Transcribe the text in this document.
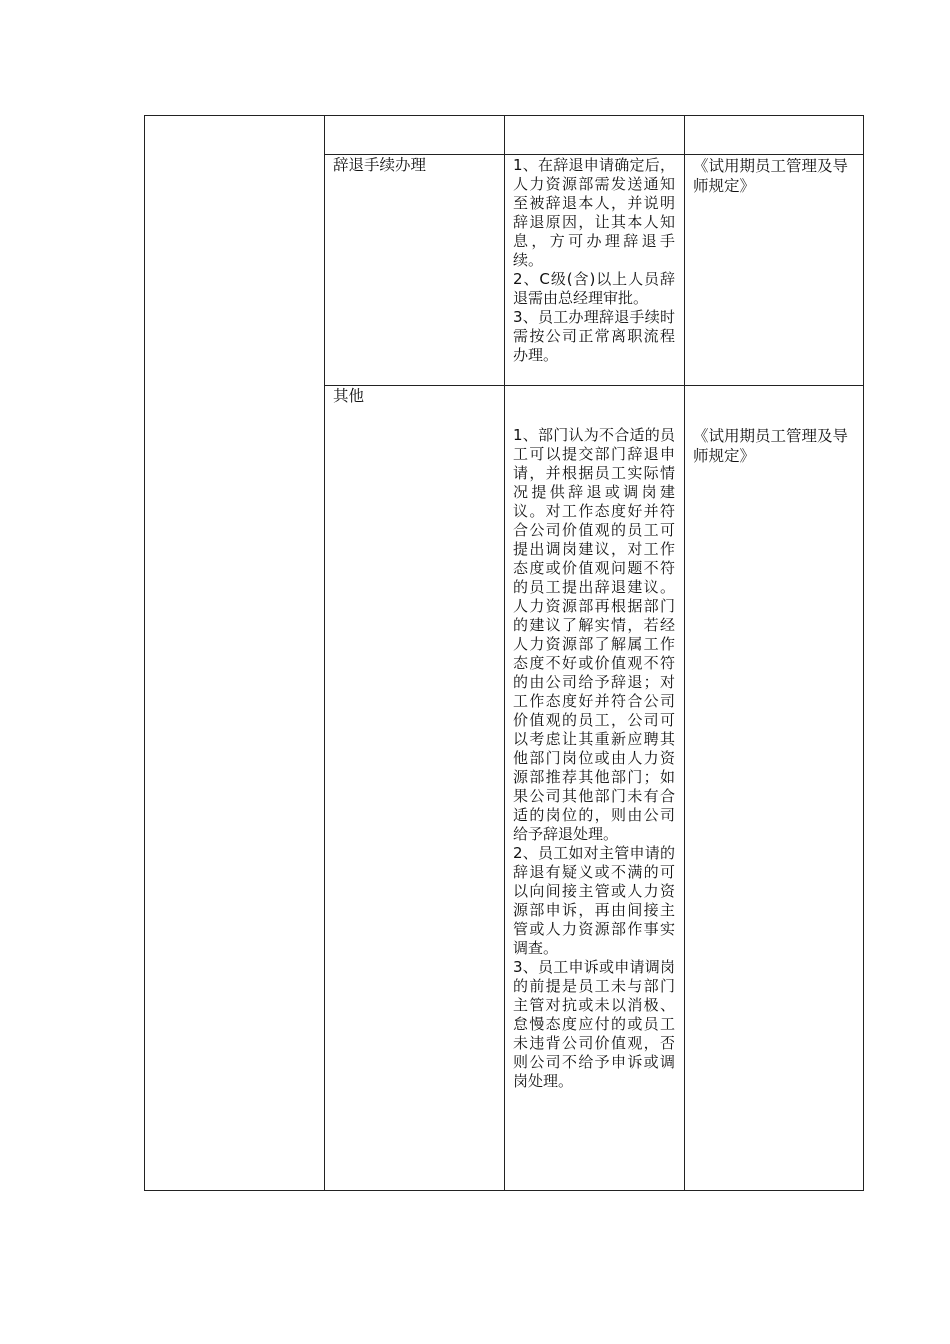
辞退手续办理	1、在辞退申请确定后，人力资源部需发送通知至被辞退本人，并说明辞退原因，让其本人知息，方可办理辞退手续。

2、C级(含)以上人员辞退需由总经理审批。

3、员工办理辞退手续时需按公司正常离职流程办理。

《试用期员工管理及导师规定》
其他

1、部门认为不合适的员工可以提交部门辞退申请，并根据员工实际情况提供辞退或调岗建议。对工作态度好并符合公司价值观的员工可提出调岗建议，对工作态度或价值观问题不符的员工提出辞退建议。人力资源部再根据部门的建议了解实情，若经人力资源部了解属工作态度不好或价值观不符的由公司给予辞退；对工作态度好并符合公司价值观的员工，公司可以考虑让其重新应聘其他部门岗位或由人力资源部推荐其他部门；如果公司其他部门未有合适的岗位的，则由公司给予辞退处理。

2、员工如对主管申请的辞退有疑义或不满的可以向间接主管或人力资源部申诉，再由间接主管或人力资源部作事实调查。

3、员工申诉或申请调岗的前提是员工未与部门主管对抗或未以消极、怠慢态度应付的或员工未违背公司价值观，否则公司不给予申诉或调岗处理。

《试用期员工管理及导师规定》
